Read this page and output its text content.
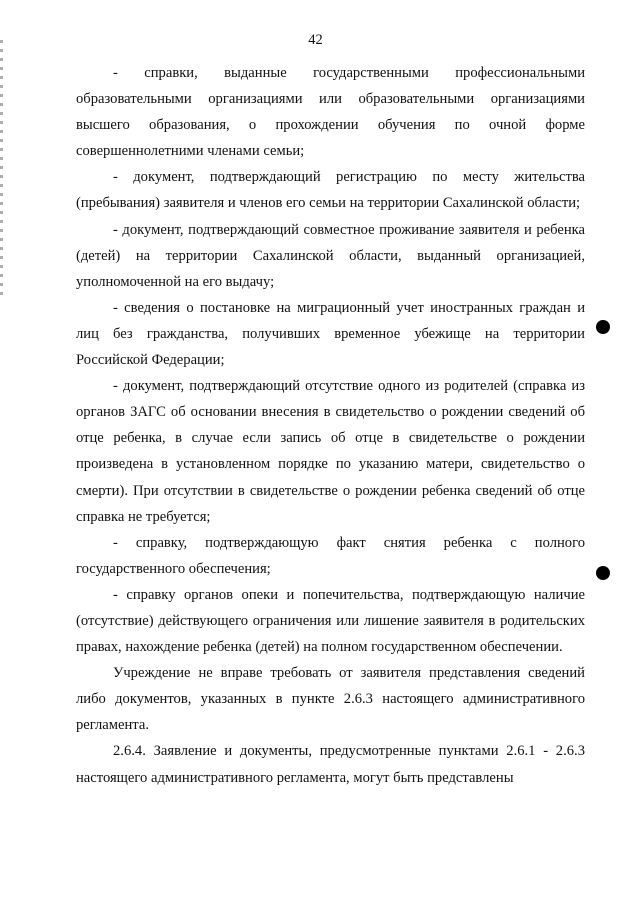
42

- справки, выданные государственными профессиональными образовательными организациями или образовательными организациями высшего образования, о прохождении обучения по очной форме совершеннолетними членами семьи;

- документ, подтверждающий регистрацию по месту жительства (пребывания) заявителя и членов его семьи на территории Сахалинской области;

- документ, подтверждающий совместное проживание заявителя и ребенка (детей) на территории Сахалинской области, выданный организацией, уполномоченной на его выдачу;

- сведения о постановке на миграционный учет иностранных граждан и лиц без гражданства, получивших временное убежище на территории Российской Федерации;

- документ, подтверждающий отсутствие одного из родителей (справка из органов ЗАГС об основании внесения в свидетельство о рождении сведений об отце ребенка, в случае если запись об отце в свидетельстве о рождении произведена в установленном порядке по указанию матери, свидетельство о смерти). При отсутствии в свидетельстве о рождении ребенка сведений об отце справка не требуется;

- справку, подтверждающую факт снятия ребенка с полного государственного обеспечения;

- справку органов опеки и попечительства, подтверждающую наличие (отсутствие) действующего ограничения или лишение заявителя в родительских правах, нахождение ребенка (детей) на полном государственном обеспечении.

Учреждение не вправе требовать от заявителя представления сведений либо документов, указанных в пункте 2.6.3 настоящего административного регламента.

2.6.4. Заявление и документы, предусмотренные пунктами 2.6.1 - 2.6.3 настоящего административного регламента, могут быть представлены
